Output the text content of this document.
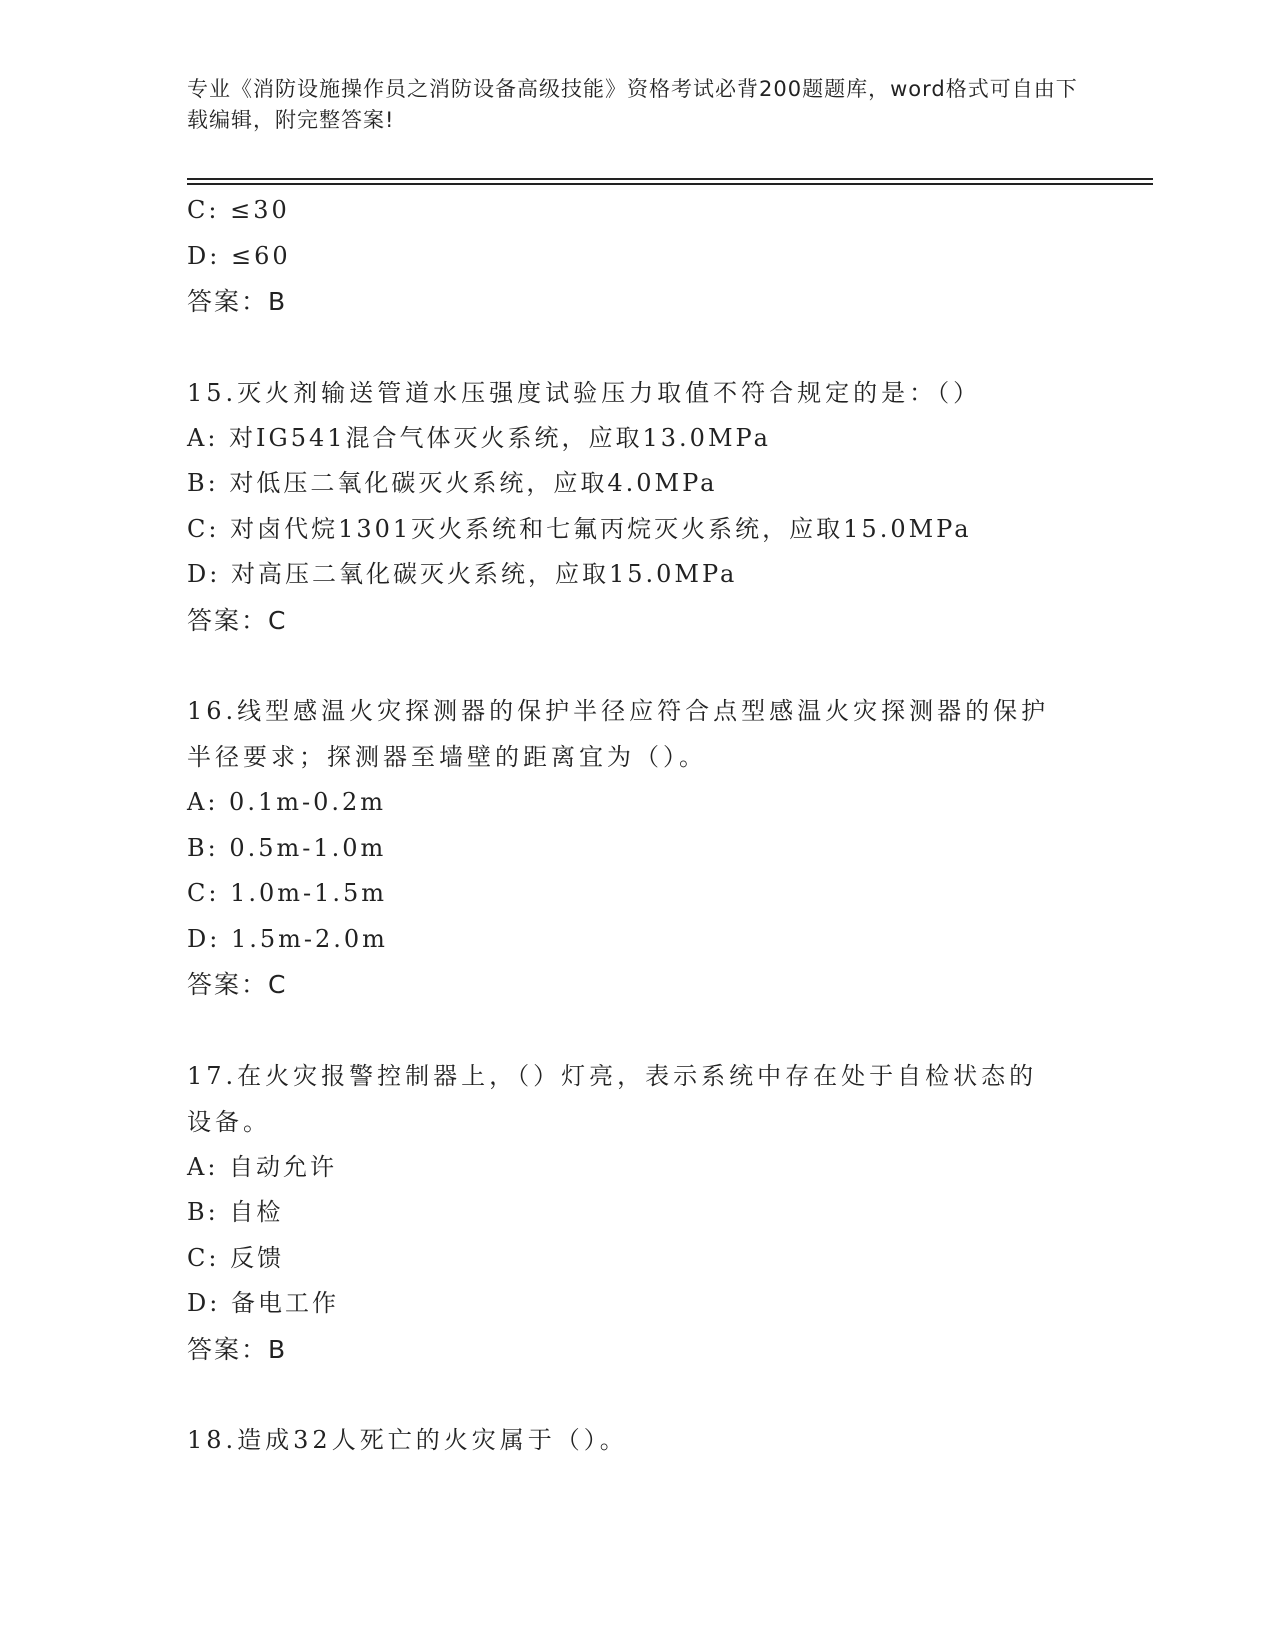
专业《消防设施操作员之消防设备高级技能》资格考试必背200题题库，word格式可自由下载编辑，附完整答案!
C: ≤30
D: ≤60
答案：B
15.灭火剂输送管道水压强度试验压力取值不符合规定的是：（）
A: 对IG541混合气体灭火系统，应取13.0MPa
B: 对低压二氧化碳灭火系统，应取4.0MPa
C: 对卤代烷1301灭火系统和七氟丙烷灭火系统，应取15.0MPa
D: 对高压二氧化碳灭火系统，应取15.0MPa
答案：C
16.线型感温火灾探测器的保护半径应符合点型感温火灾探测器的保护
半径要求；探测器至墙壁的距离宜为（）。
A: 0.1m-0.2m
B: 0.5m-1.0m
C: 1.0m-1.5m
D: 1.5m-2.0m
答案：C
17.在火灾报警控制器上，（）灯亮，表示系统中存在处于自检状态的
设备。
A: 自动允许
B: 自检
C: 反馈
D: 备电工作
答案：B
18.造成32人死亡的火灾属于（）。
